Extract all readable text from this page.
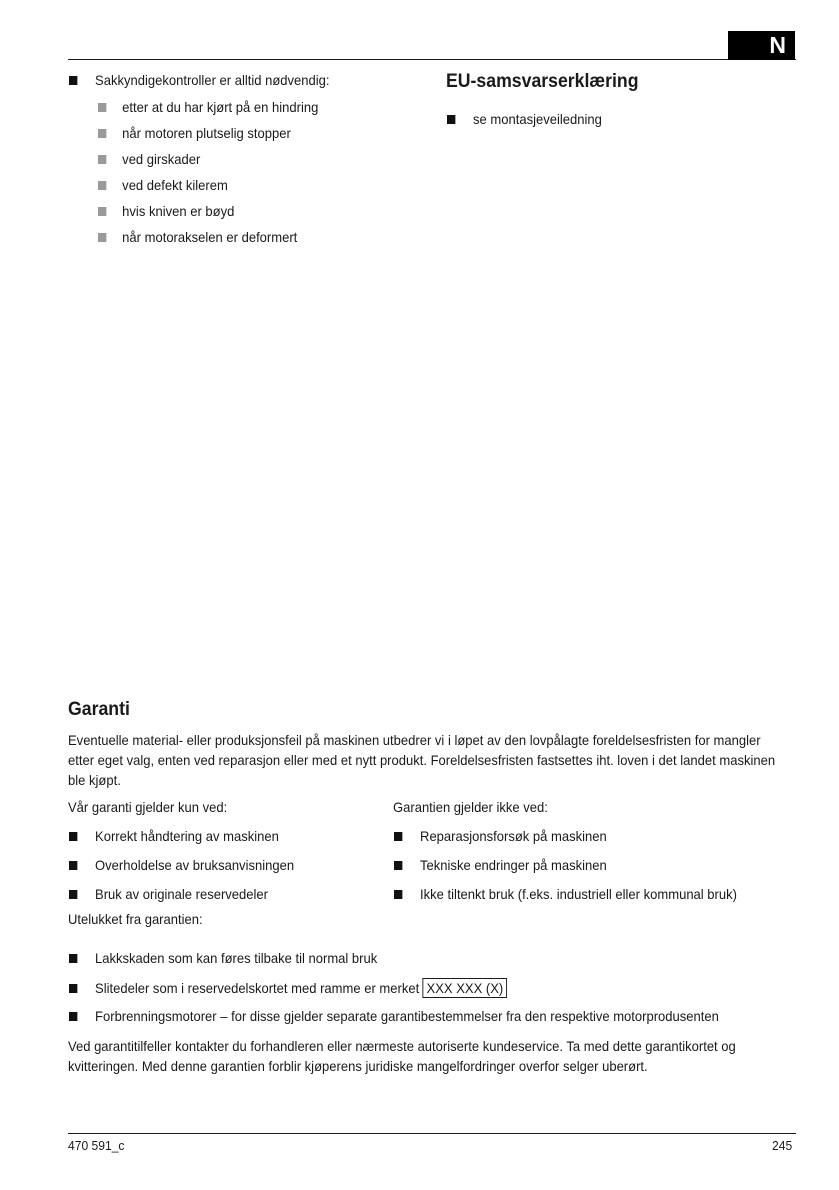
N
Sakkyndigekontroller er alltid nødvendig:
etter at du har kjørt på en hindring
når motoren plutselig stopper
ved girskader
ved defekt kilerem
hvis kniven er bøyd
når motorakselen er deformert
EU-samsvarserklæring
se montasjeveiledning
Garanti

Eventuelle material- eller produksjonsfeil på maskinen utbedrer vi i løpet av den lovpålagte foreldelsesfristen for mangler etter eget valg, enten ved reparasjon eller med et nytt produkt. Foreldelsesfristen fastsettes iht. loven i det landet maskinen ble kjøpt.

Vår garanti gjelder kun ved:	Garantien gjelder ikke ved:
Korrekt håndtering av maskinen
Overholdelse av bruksanvisningen
Bruk av originale reservedeler
Reparasjonsforsøk på maskinen
Tekniske endringer på maskinen
Ikke tiltenkt bruk (f.eks. industriell eller kommunal bruk)
Utelukket fra garantien:
Lakkskaden som kan føres tilbake til normal bruk
Slitedeler som i reservedelskortet med ramme er merket
XXX XXX (X)
Forbrenningsmotorer – for disse gjelder separate garantibestemmelser fra den respektive motorprodusenten

Ved garantitilfeller kontakter du forhandleren eller nærmeste autoriserte kundeservice. Ta med dette garantikortet og kvitteringen. Med denne garantien forblir kjøperens juridiske mangelfordringer overfor selger uberørt.

470 591_c	245
